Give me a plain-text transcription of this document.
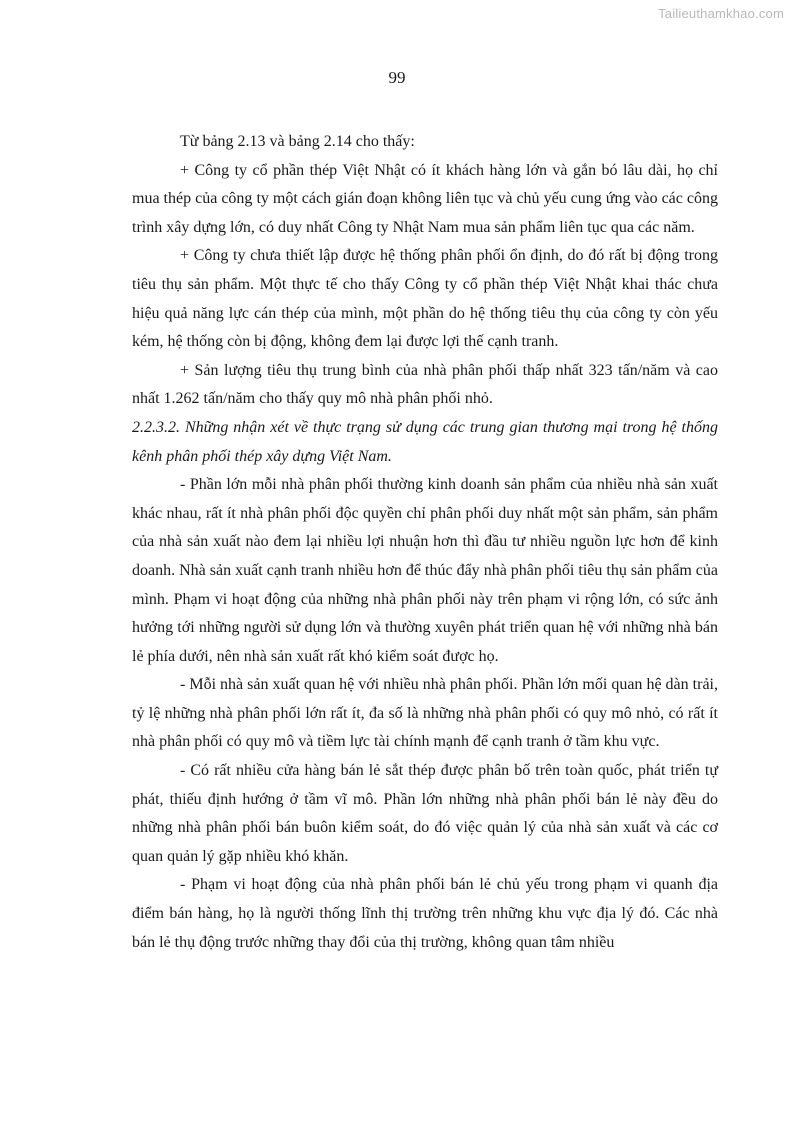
Tailieuthamkhao.com
99

Từ bảng 2.13 và bảng 2.14 cho thấy:

+ Công ty cổ phần thép Việt Nhật có ít khách hàng lớn và gắn bó lâu dài, họ chỉ mua thép của công ty một cách gián đoạn không liên tục và chủ yếu cung ứng vào các công trình xây dựng lớn, có duy nhất Công ty Nhật Nam mua sản phẩm liên tục qua các năm.

+ Công ty chưa thiết lập được hệ thống phân phối ổn định, do đó rất bị động trong tiêu thụ sản phẩm. Một thực tế cho thấy Công ty cổ phần thép Việt Nhật khai thác chưa hiệu quả năng lực cán thép của mình, một phần do hệ thống tiêu thụ của công ty còn yếu kém, hệ thống còn bị động, không đem lại được lợi thế cạnh tranh.

+ Sản lượng tiêu thụ trung bình của nhà phân phối thấp nhất 323 tấn/năm và cao nhất 1.262 tấn/năm cho thấy quy mô nhà phân phối nhỏ.

2.2.3.2. Những nhận xét về thực trạng sử dụng các trung gian thương mại trong hệ thống kênh phân phối thép xây dựng Việt Nam.

- Phần lớn mỗi nhà phân phối thường kinh doanh sản phẩm của nhiều nhà sản xuất khác nhau, rất ít nhà phân phối độc quyền chỉ phân phối duy nhất một sản phẩm, sản phẩm của nhà sản xuất nào đem lại nhiều lợi nhuận hơn thì đầu tư nhiều nguồn lực hơn để kinh doanh. Nhà sản xuất cạnh tranh nhiều hơn để thúc đẩy nhà phân phối tiêu thụ sản phẩm của mình. Phạm vi hoạt động của những nhà phân phối này trên phạm vi rộng lớn, có sức ảnh hưởng tới những người sử dụng lớn và thường xuyên phát triển quan hệ với những nhà bán lẻ phía dưới, nên nhà sản xuất rất khó kiểm soát được họ.

- Mỗi nhà sản xuất quan hệ với nhiều nhà phân phối. Phần lớn mối quan hệ dàn trải, tỷ lệ những nhà phân phối lớn rất ít, đa số là những nhà phân phối có quy mô nhỏ, có rất ít nhà phân phối có quy mô và tiềm lực tài chính mạnh để cạnh tranh ở tầm khu vực.

- Có rất nhiều cửa hàng bán lẻ sắt thép được phân bố trên toàn quốc, phát triển tự phát, thiếu định hướng ở tầm vĩ mô. Phần lớn những nhà phân phối bán lẻ này đều do những nhà phân phối bán buôn kiểm soát, do đó việc quản lý của nhà sản xuất và các cơ quan quản lý gặp nhiều khó khăn.

- Phạm vi hoạt động của nhà phân phối bán lẻ chủ yếu trong phạm vi quanh địa điểm bán hàng, họ là người thống lĩnh thị trường trên những khu vực địa lý đó. Các nhà bán lẻ thụ động trước những thay đổi của thị trường, không quan tâm nhiều
